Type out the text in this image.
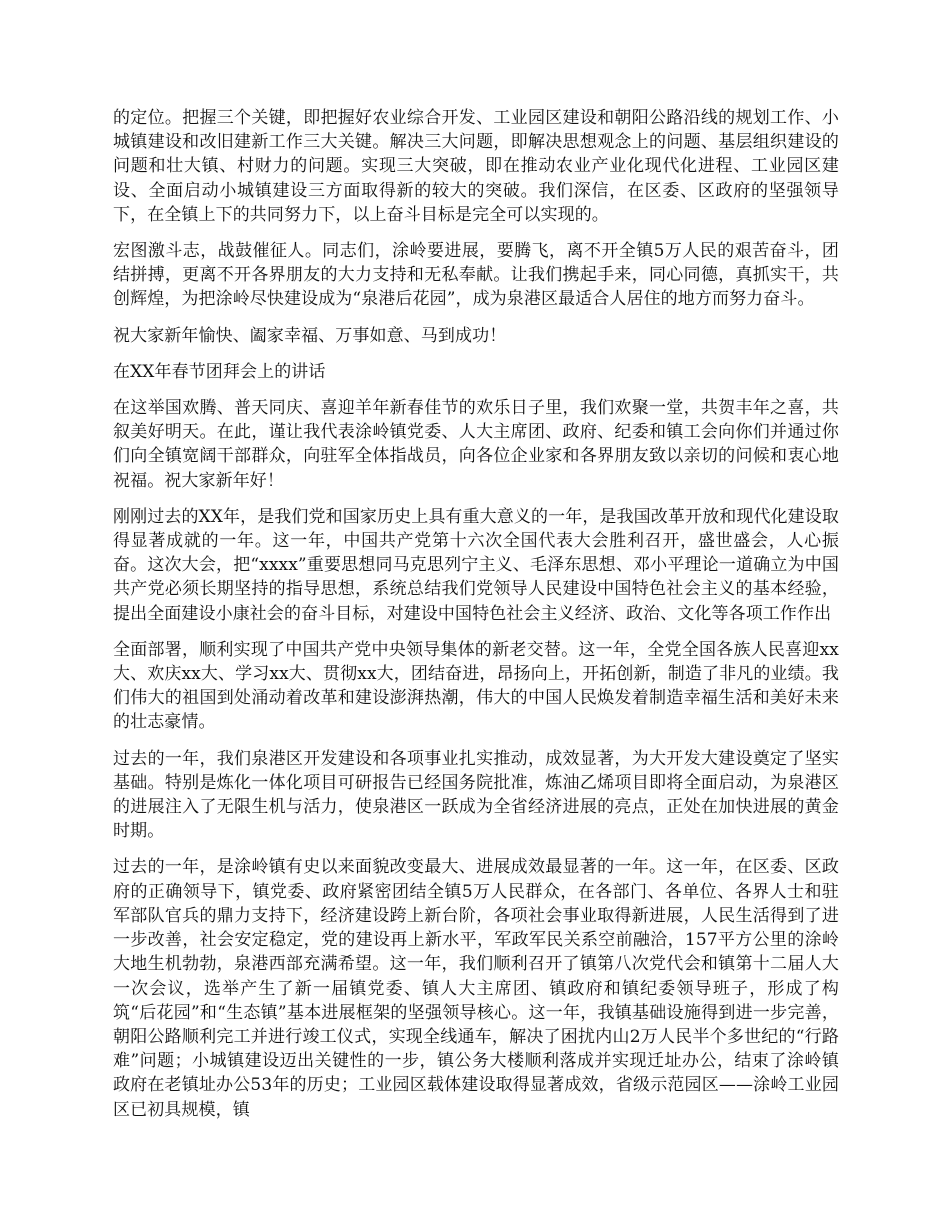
的定位。把握三个关键，即把握好农业综合开发、工业园区建设和朝阳公路沿线的规划工作、小城镇建设和改旧建新工作三大关键。解决三大问题，即解决思想观念上的问题、基层组织建设的问题和壮大镇、村财力的问题。实现三大突破，即在推动农业产业化现代化进程、工业园区建设、全面启动小城镇建设三方面取得新的较大的突破。我们深信，在区委、区政府的坚强领导下，在全镇上下的共同努力下，以上奋斗目标是完全可以实现的。

宏图激斗志，战鼓催征人。同志们，涂岭要进展，要腾飞，离不开全镇5万人民的艰苦奋斗，团结拼搏，更离不开各界朋友的大力支持和无私奉献。让我们携起手来，同心同德，真抓实干，共创辉煌，为把涂岭尽快建设成为“泉港后花园”，成为泉港区最适合人居住的地方而努力奋斗。

祝大家新年愉快、阖家幸福、万事如意、马到成功！

在XX年春节团拜会上的讲话

在这举国欢腾、普天同庆、喜迎羊年新春佳节的欢乐日子里，我们欢聚一堂，共贺丰年之喜，共叙美好明天。在此，谨让我代表涂岭镇党委、人大主席团、政府、纪委和镇工会向你们并通过你们向全镇宽阔干部群众，向驻军全体指战员，向各位企业家和各界朋友致以亲切的问候和衷心地祝福。祝大家新年好！

刚刚过去的XX年，是我们党和国家历史上具有重大意义的一年，是我国改革开放和现代化建设取得显著成就的一年。这一年，中国共产党第十六次全国代表大会胜利召开，盛世盛会，人心振奋。这次大会，把“xxxx”重要思想同马克思列宁主义、毛泽东思想、邓小平理论一道确立为中国共产党必须长期坚持的指导思想，系统总结我们党领导人民建设中国特色社会主义的基本经验，提出全面建设小康社会的奋斗目标，对建设中国特色社会主义经济、政治、文化等各项工作作出

全面部署，顺利实现了中国共产党中央领导集体的新老交替。这一年，全党全国各族人民喜迎xx大、欢庆xx大、学习xx大、贯彻xx大，团结奋进，昂扬向上，开拓创新，制造了非凡的业绩。我们伟大的祖国到处涌动着改革和建设澎湃热潮，伟大的中国人民焕发着制造幸福生活和美好未来的壮志豪情。

过去的一年，我们泉港区开发建设和各项事业扎实推动，成效显著，为大开发大建设奠定了坚实基础。特别是炼化一体化项目可研报告已经国务院批准，炼油乙烯项目即将全面启动，为泉港区的进展注入了无限生机与活力，使泉港区一跃成为全省经济进展的亮点，正处在加快进展的黄金时期。

过去的一年，是涂岭镇有史以来面貌改变最大、进展成效最显著的一年。这一年，在区委、区政府的正确领导下，镇党委、政府紧密团结全镇5万人民群众，在各部门、各单位、各界人士和驻军部队官兵的鼎力支持下，经济建设跨上新台阶，各项社会事业取得新进展，人民生活得到了进一步改善，社会安定稳定，党的建设再上新水平，军政军民关系空前融洽，157平方公里的涂岭大地生机勃勃，泉港西部充满希望。这一年，我们顺利召开了镇第八次党代会和镇第十二届人大一次会议，选举产生了新一届镇党委、镇人大主席团、镇政府和镇纪委领导班子，形成了构筑“后花园”和“生态镇”基本进展框架的坚强领导核心。这一年，我镇基础设施得到进一步完善，朝阳公路顺利完工并进行竣工仪式，实现全线通车，解决了困扰内山2万人民半个多世纪的“行路难”问题；小城镇建设迈出关键性的一步，镇公务大楼顺利落成并实现迁址办公，结束了涂岭镇政府在老镇址办公53年的历史；工业园区载体建设取得显著成效，省级示范园区——涂岭工业园区已初具规模，镇
